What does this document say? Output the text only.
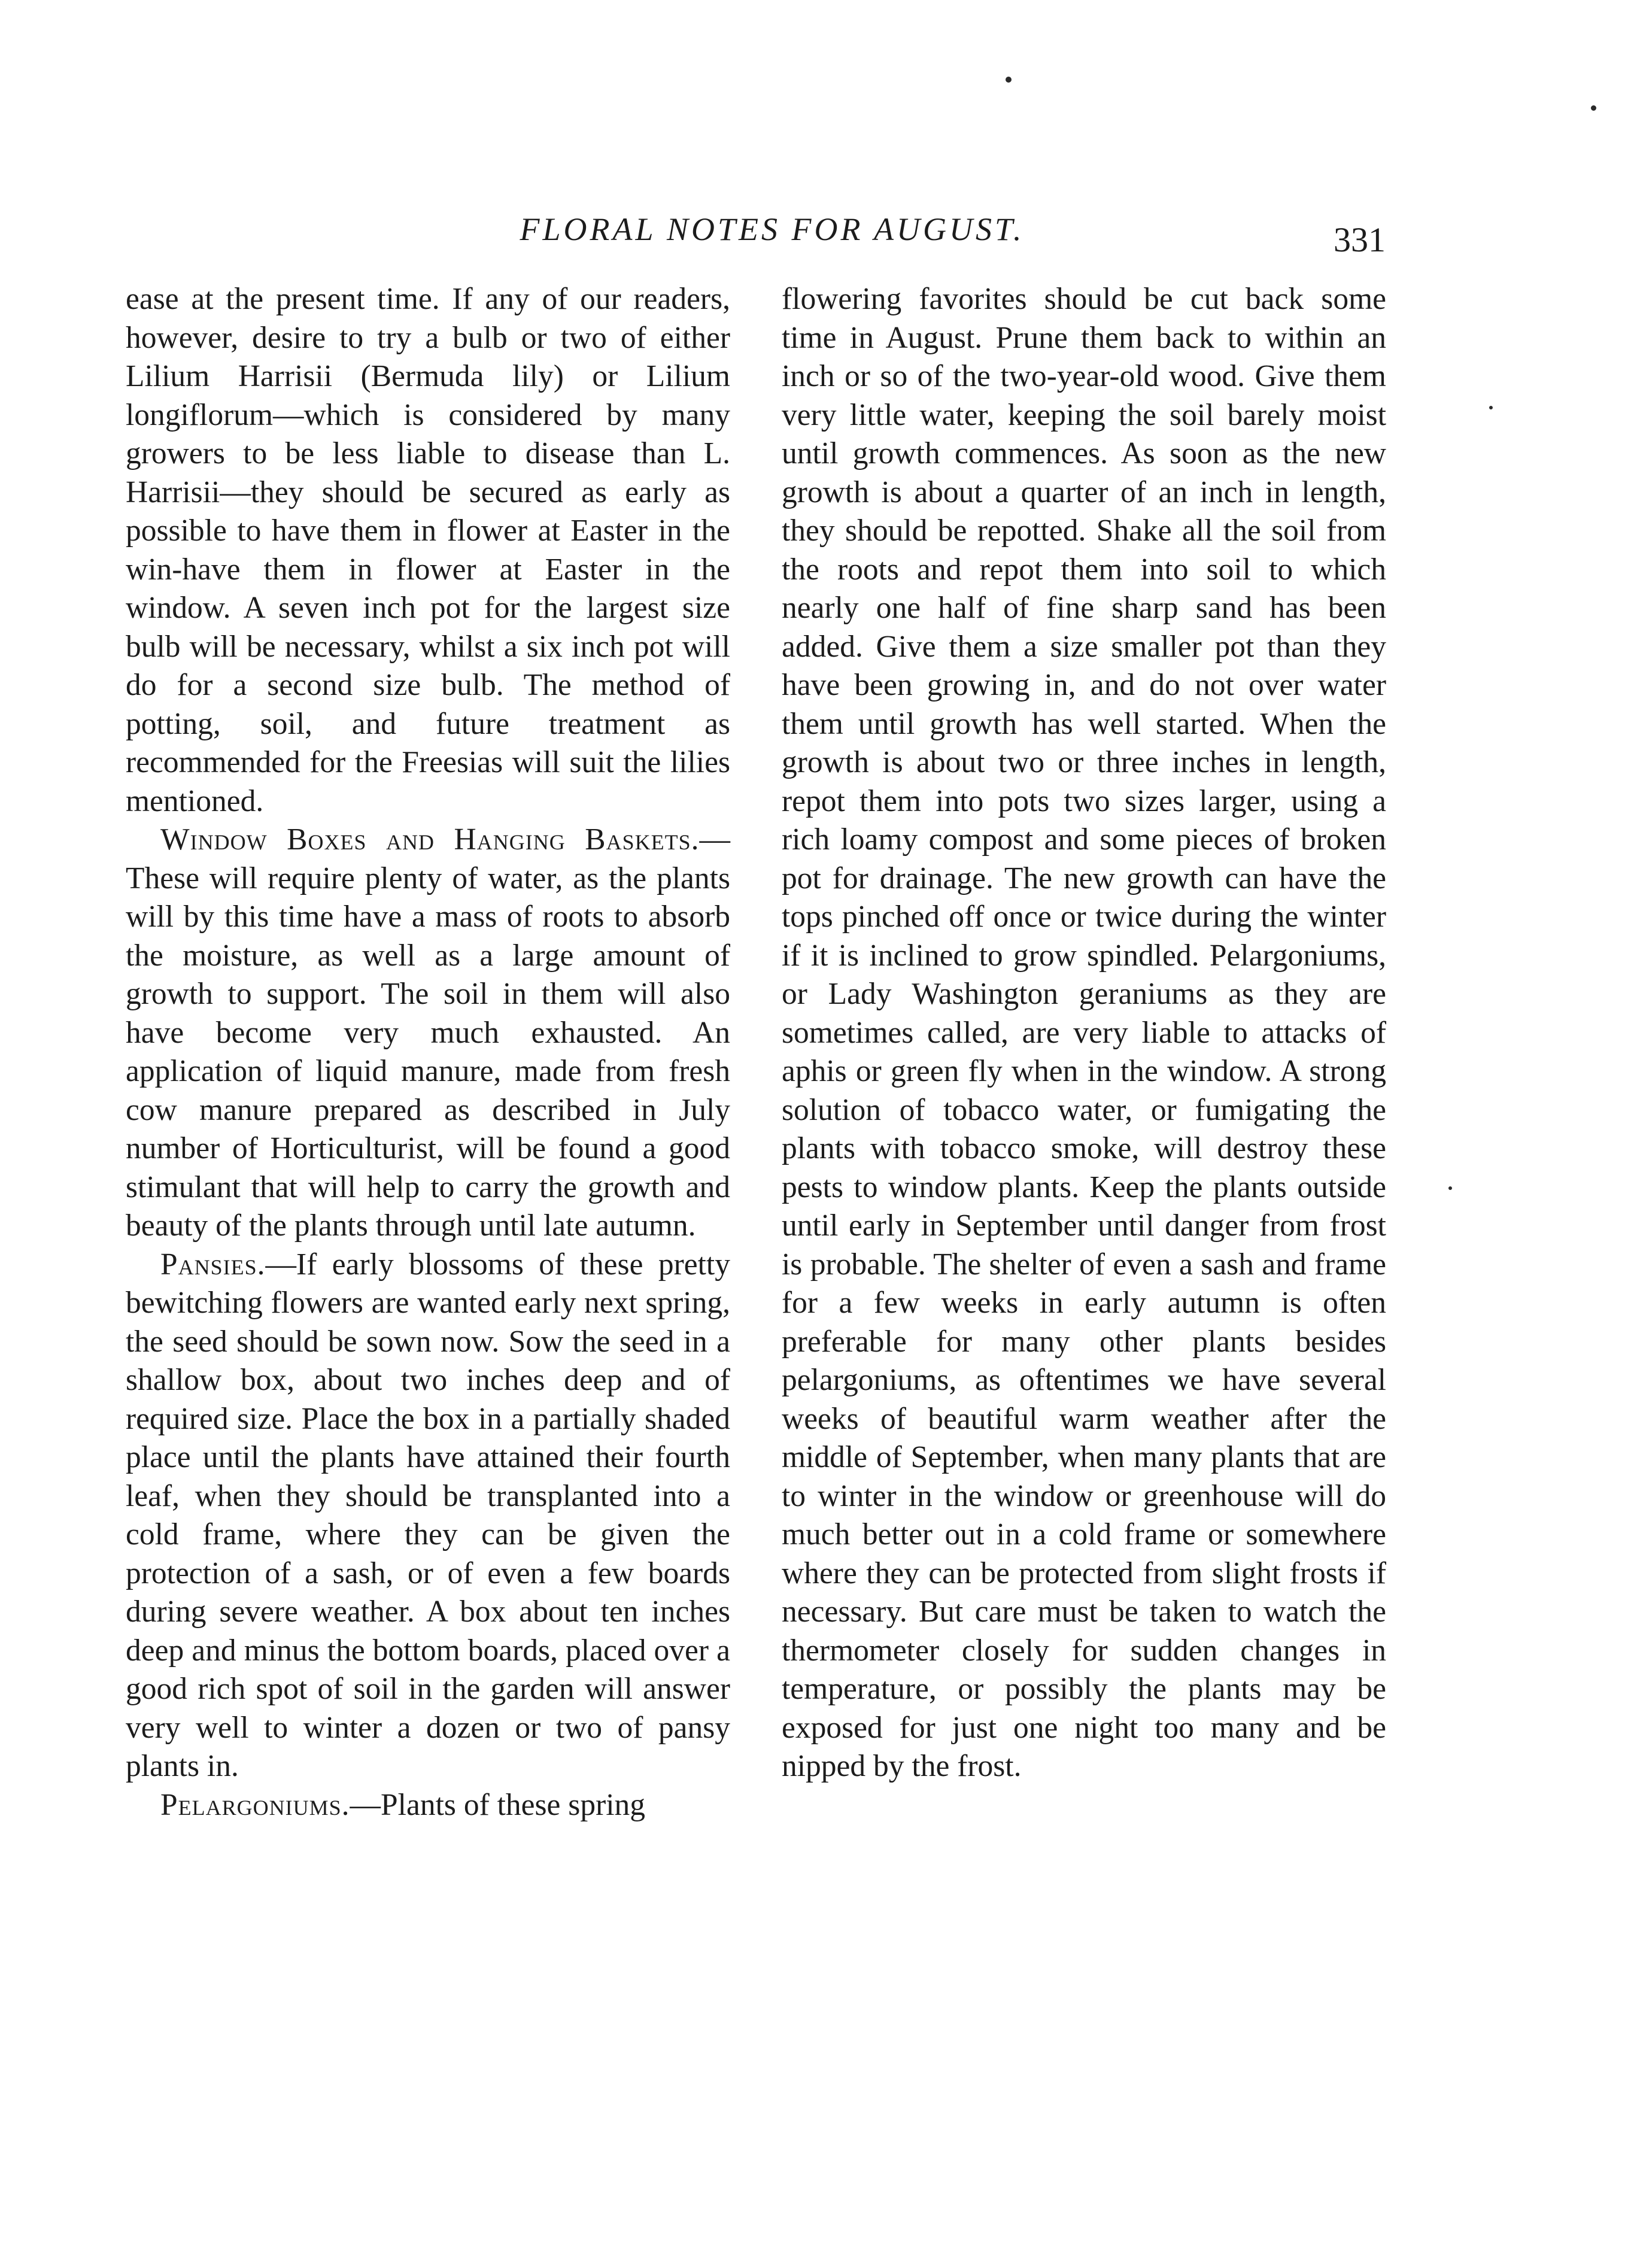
FLORAL NOTES FOR AUGUST.	331

ease at the present time. If any of our readers, however, desire to try a bulb or two of either Lilium Harrisii (Bermuda lily) or Lilium longiflorum—which is considered by many growers to be less liable to disease than L. Harrisii—they should be secured as early as possible to have them in flower at Easter in the win-have them in flower at Easter in the window. A seven inch pot for the largest size bulb will be necessary, whilst a six inch pot will do for a second size bulb. The method of potting, soil, and future treatment as recommended for the Freesias will suit the lilies mentioned.

Window Boxes and Hanging Baskets.—These will require plenty of water, as the plants will by this time have a mass of roots to absorb the moisture, as well as a large amount of growth to support. The soil in them will also have become very much exhausted. An application of liquid manure, made from fresh cow manure prepared as described in July number of Horticulturist, will be found a good stimulant that will help to carry the growth and beauty of the plants through until late autumn.

Pansies.—If early blossoms of these pretty bewitching flowers are wanted early next spring, the seed should be sown now. Sow the seed in a shallow box, about two inches deep and of required size. Place the box in a partially shaded place until the plants have attained their fourth leaf, when they should be transplanted into a cold frame, where they can be given the protection of a sash, or of even a few boards during severe weather. A box about ten inches deep and minus the bottom boards, placed over a good rich spot of soil in the garden will answer very well to winter a dozen or two of pansy plants in.

Pelargoniums.—Plants of these spring

flowering favorites should be cut back some time in August. Prune them back to within an inch or so of the two-year-old wood. Give them very little water, keeping the soil barely moist until growth commences. As soon as the new growth is about a quarter of an inch in length, they should be repotted. Shake all the soil from the roots and repot them into soil to which nearly one half of fine sharp sand has been added. Give them a size smaller pot than they have been growing in, and do not over water them until growth has well started. When the growth is about two or three inches in length, repot them into pots two sizes larger, using a rich loamy compost and some pieces of broken pot for drainage. The new growth can have the tops pinched off once or twice during the winter if it is inclined to grow spindled. Pelargoniums, or Lady Washington geraniums as they are sometimes called, are very liable to attacks of aphis or green fly when in the window. A strong solution of tobacco water, or fumigating the plants with tobacco smoke, will destroy these pests to window plants. Keep the plants outside until early in September until danger from frost is probable. The shelter of even a sash and frame for a few weeks in early autumn is often preferable for many other plants besides pelargoniums, as oftentimes we have several weeks of beautiful warm weather after the middle of September, when many plants that are to winter in the window or greenhouse will do much better out in a cold frame or somewhere where they can be protected from slight frosts if necessary. But care must be taken to watch the thermometer closely for sudden changes in temperature, or possibly the plants may be exposed for just one night too many and be nipped by the frost.
